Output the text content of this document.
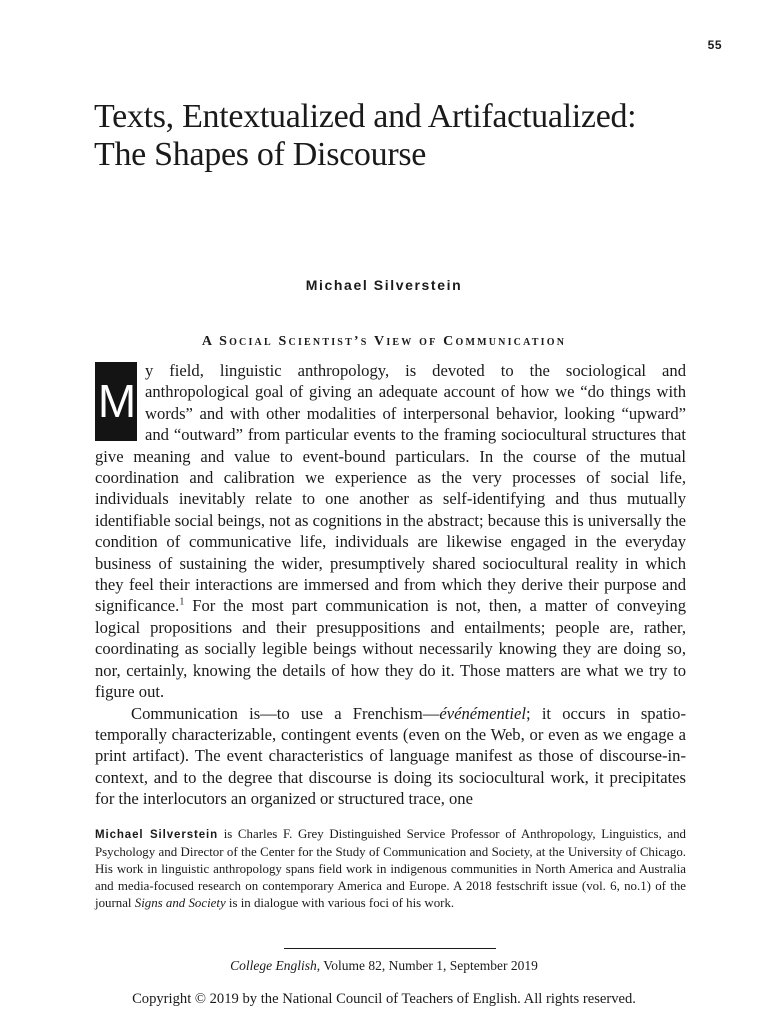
55
Texts, Entextualized and Artifactualized:
The Shapes of Discourse
Michael Silverstein
A Social Scientist’s View of Communication

M
y field, linguistic anthropology, is devoted to the sociological and anthropological goal of giving an adequate account of how we “do things with words” and with other modalities of interpersonal behavior, looking “upward” and “outward” from particular events to the framing sociocultural structures that give meaning and value to event-bound particulars. In the course of the mutual coordination and calibration we experience as the very processes of social life, individuals inevitably relate to one another as self-identifying and thus mutually identifiable social beings, not as cognitions in the abstract; because this is universally the condition of communicative life, individuals are likewise engaged in the everyday business of sustaining the wider, presumptively shared sociocultural reality in which they feel their interactions are immersed and from which they derive their purpose and significance.$^1$ For the most part communication is not, then, a matter of conveying logical propositions and their presuppositions and entailments; people are, rather, coordinating as socially legible beings without necessarily knowing they are doing so, nor, certainly, knowing the details of how they do it. Those matters are what we try to figure out.

Communication is—to use a Frenchism—événémentiel; it occurs in spatio-temporally characterizable, contingent events (even on the Web, or even as we engage a print artifact). The event characteristics of language manifest as those of discourse-in-context, and to the degree that discourse is doing its sociocultural work, it precipitates for the interlocutors an organized or structured trace, one

Michael Silverstein is Charles F. Grey Distinguished Service Professor of Anthropology, Linguistics, and Psychology and Director of the Center for the Study of Communication and Society, at the University of Chicago. His work in linguistic anthropology spans field work in indigenous communities in North America and Australia and media-focused research on contemporary America and Europe. A 2018 festschrift issue (vol. 6, no.1) of the journal Signs and Society is in dialogue with various foci of his work.

College English, Volume 82, Number 1, September 2019
Copyright © 2019 by the National Council of Teachers of English. All rights reserved.
